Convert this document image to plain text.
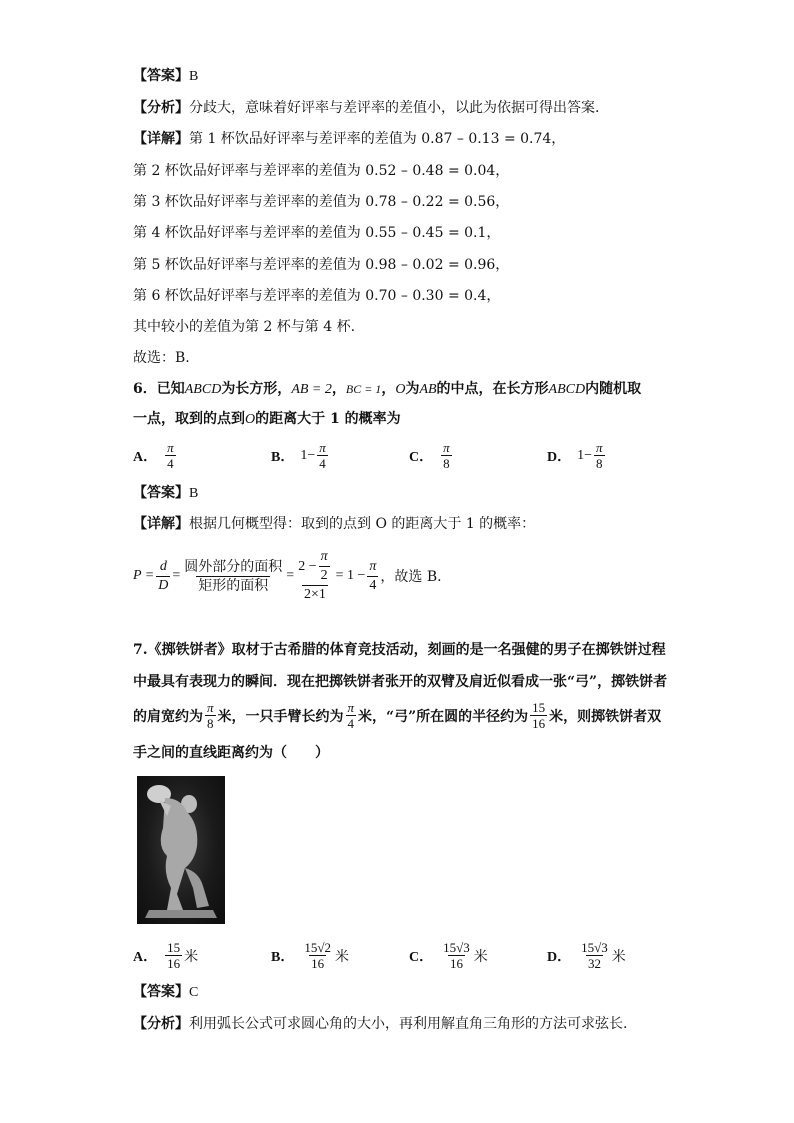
【答案】B
【分析】分歧大，意味着好评率与差评率的差值小，以此为依据可得出答案.
【详解】第 1 杯饮品好评率与差评率的差值为 0.87 – 0.13 = 0.74，
第 2 杯饮品好评率与差评率的差值为 0.52 – 0.48 = 0.04，
第 3 杯饮品好评率与差评率的差值为 0.78 – 0.22 = 0.56，
第 4 杯饮品好评率与差评率的差值为 0.55 – 0.45 = 0.1，
第 5 杯饮品好评率与差评率的差值为 0.98 – 0.02 = 0.96，
第 6 杯饮品好评率与差评率的差值为 0.70 – 0.30 = 0.4，
其中较小的差值为第 2 杯与第 4 杯.
故选：B.
6．已知ABCD为长方形，AB = 2，BC = 1，O为AB的中点，在长方形ABCD内随机取
一点，取到的点到O的距离大于 1 的概率为
A． $\frac{\pi}{4}$	B． $1- \frac{\pi}{4}$	C． $\frac{\pi}{8}$	D． $1- \frac{\pi}{8}$
【答案】B
【详解】根据几何概型得：取到的点到 O 的距离大于 1 的概率：
$P = \frac{d}{D} = \frac{\text{圆外部分的面积}}{\text{矩形的面积}} = \frac{2 - \frac{\pi}{2}}{2\times 1} = 1 - \frac{\pi}{4}$ ，故选 B.
7.《掷铁饼者》取材于古希腊的体育竞技活动，刻画的是一名强健的男子在掷铁饼过程
中最具有表现力的瞬间．现在把掷铁饼者张开的双臂及肩近似看成一张“弓”，掷铁饼者
的肩宽约为 $\frac{\pi}{8}$ 米，一只手臂长约为 $\frac{\pi}{4}$ 米，“弓”所在圆的半径约为 $\frac{15}{16}$ 米，则掷铁饼者双
手之间的直线距离约为（　　）
A． $\frac{15}{16}$ 米	B． $\frac{15√2}{16}$ 米	C． $\frac{15√3}{16}$ 米	D． $\frac{15√3}{32}$ 米
【答案】C
【分析】利用弧长公式可求圆心角的大小，再利用解直角三角形的方法可求弦长.
